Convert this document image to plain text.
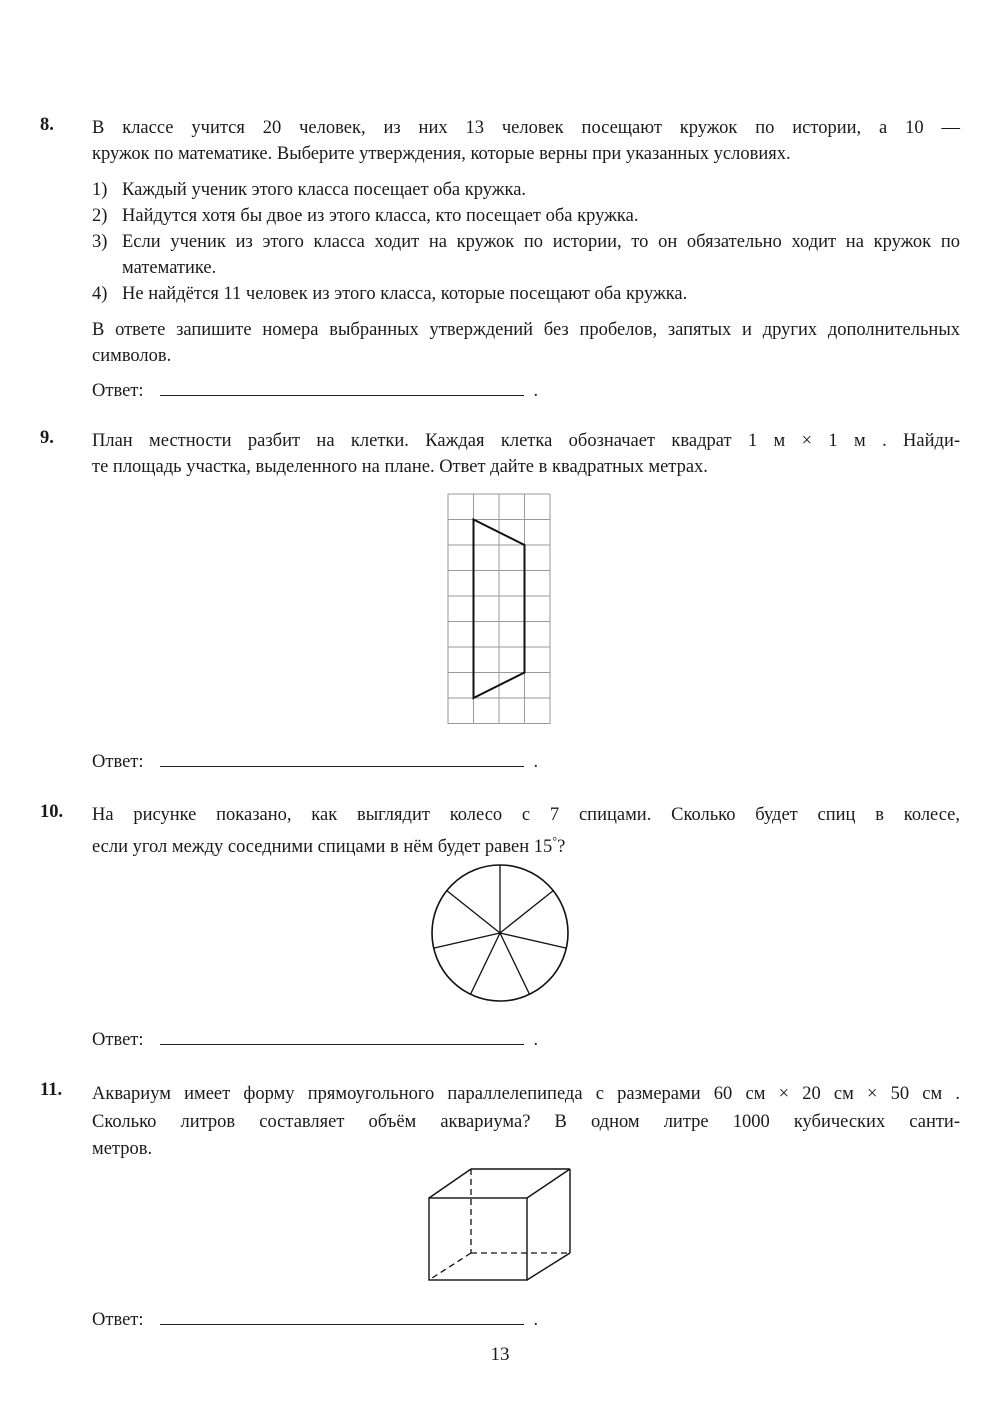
8. В классе учится 20 человек, из них 13 человек посещают кружок по истории, а 10 —

кружок по математике. Выберите утверждения, которые верны при указанных условиях.

1) Каждый ученик этого класса посещает оба кружка.
2) Найдутся хотя бы двое из этого класса, кто посещает оба кружка.
3) Если ученик из этого класса ходит на кружок по истории, то он обязательно ходит на кружок по математике.
4) Не найдётся 11 человек из этого класса, которые посещают оба кружка.

В ответе запишите номера выбранных утверждений без пробелов, запятых и других дополнительных символов.

Ответ:	.
9. План местности разбит на клетки. Каждая клетка обозначает квадрат 1 м × 1 м . Найди-

те площадь участка, выделенного на плане. Ответ дайте в квадратных метрах.

Ответ:	.
10. На рисунке показано, как выглядит колесо с 7 спицами. Сколько будет спиц в колесе,

если угол между соседними спицами в нём будет равен 15°?

Ответ:	.
11. Аквариум имеет форму прямоугольного параллелепипеда с размерами 60 см × 20 см × 50 см .

Сколько литров составляет объём аквариума? В одном литре 1000 кубических санти-

метров.

Ответ:	.
13
